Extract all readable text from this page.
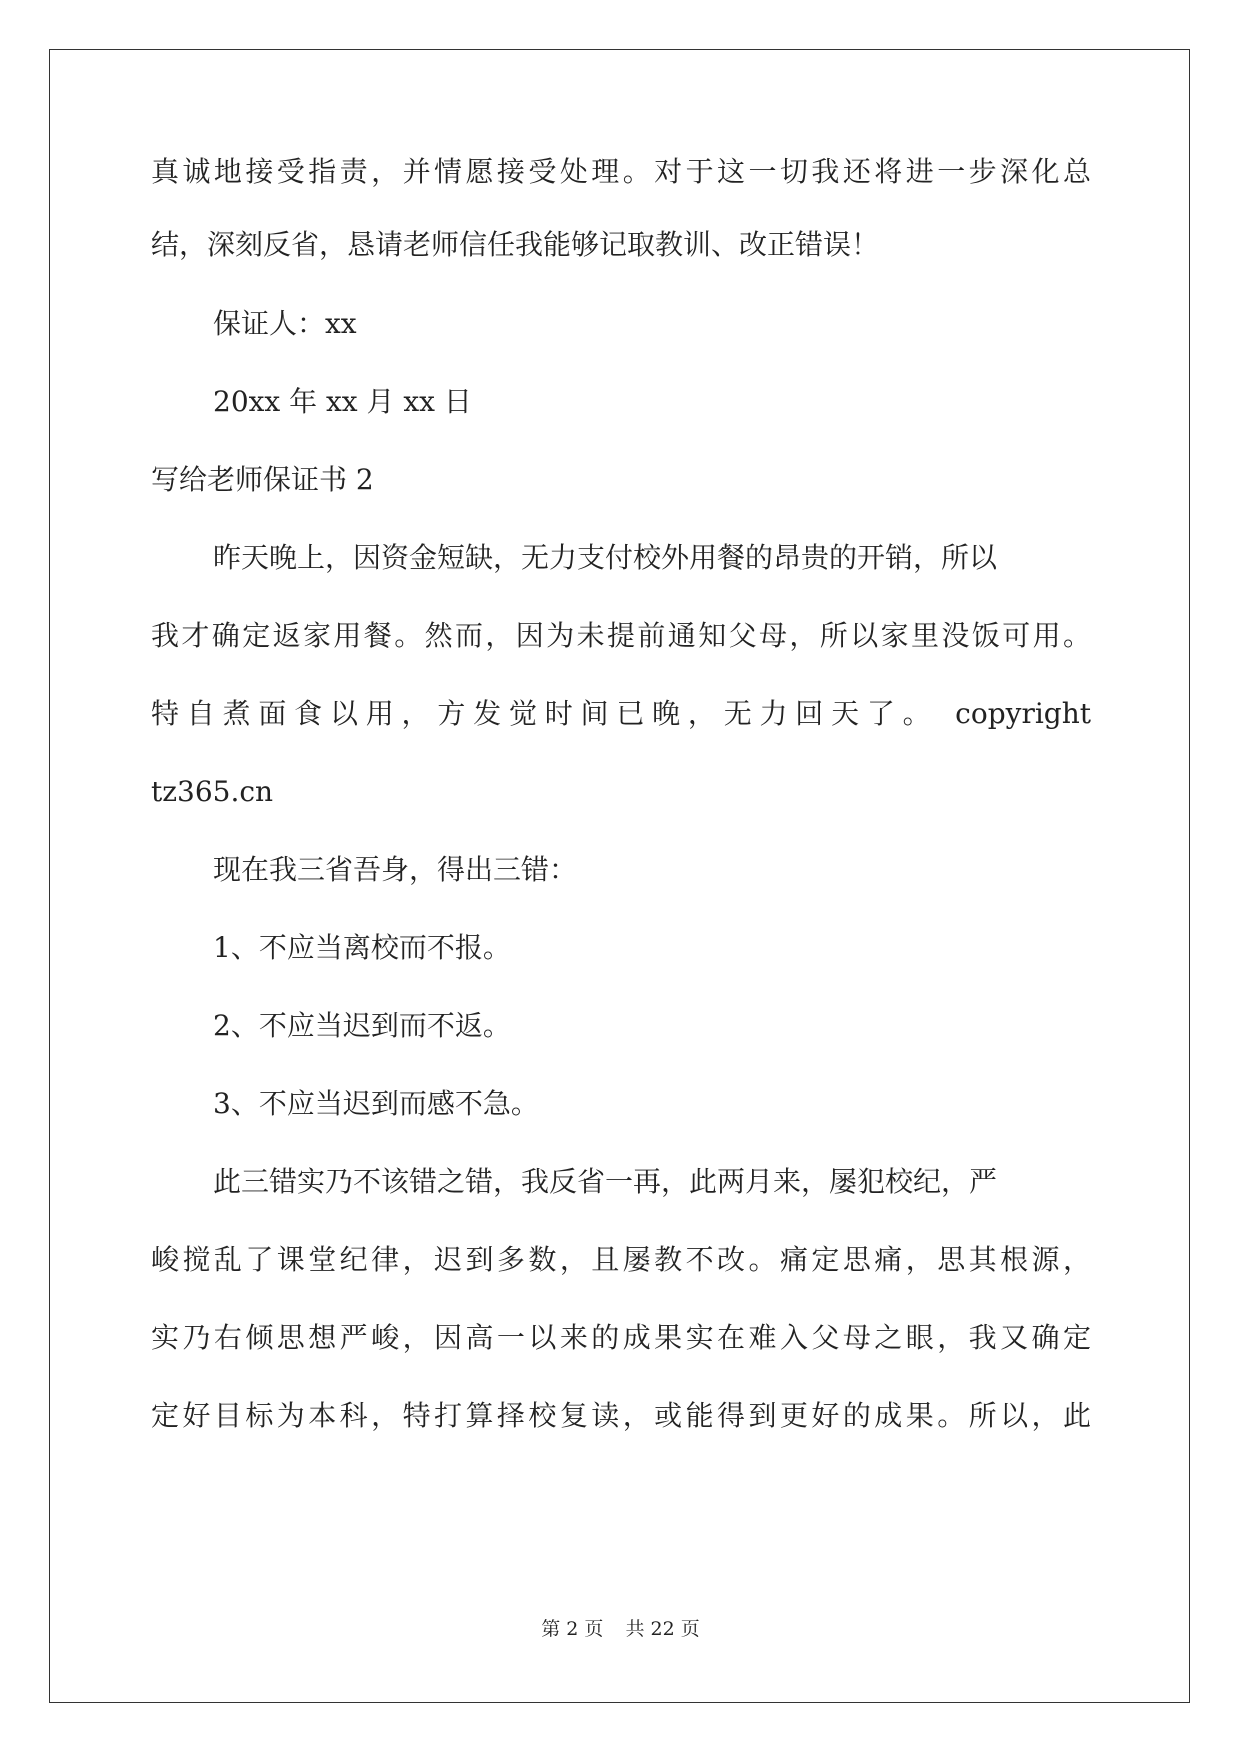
真诚地接受指责，并情愿接受处理。对于这一切我还将进一步深化总
结，深刻反省，恳请老师信任我能够记取教训、改正错误！
保证人：xx
20xx 年 xx 月 xx 日
写给老师保证书 2
昨天晚上，因资金短缺，无力支付校外用餐的昂贵的开销，所以
我才确定返家用餐。然而，因为未提前通知父母，所以家里没饭可用。
特自煮面食以用，方发觉时间已晚，无力回天了。 copyright
tz365.cn
现在我三省吾身，得出三错：
1、不应当离校而不报。
2、不应当迟到而不返。
3、不应当迟到而感不急。
此三错实乃不该错之错，我反省一再，此两月来，屡犯校纪，严
峻搅乱了课堂纪律，迟到多数，且屡教不改。痛定思痛，思其根源，
实乃右倾思想严峻，因高一以来的成果实在难入父母之眼，我又确定
定好目标为本科，特打算择校复读，或能得到更好的成果。所以，此
第 2 页 共 22 页
